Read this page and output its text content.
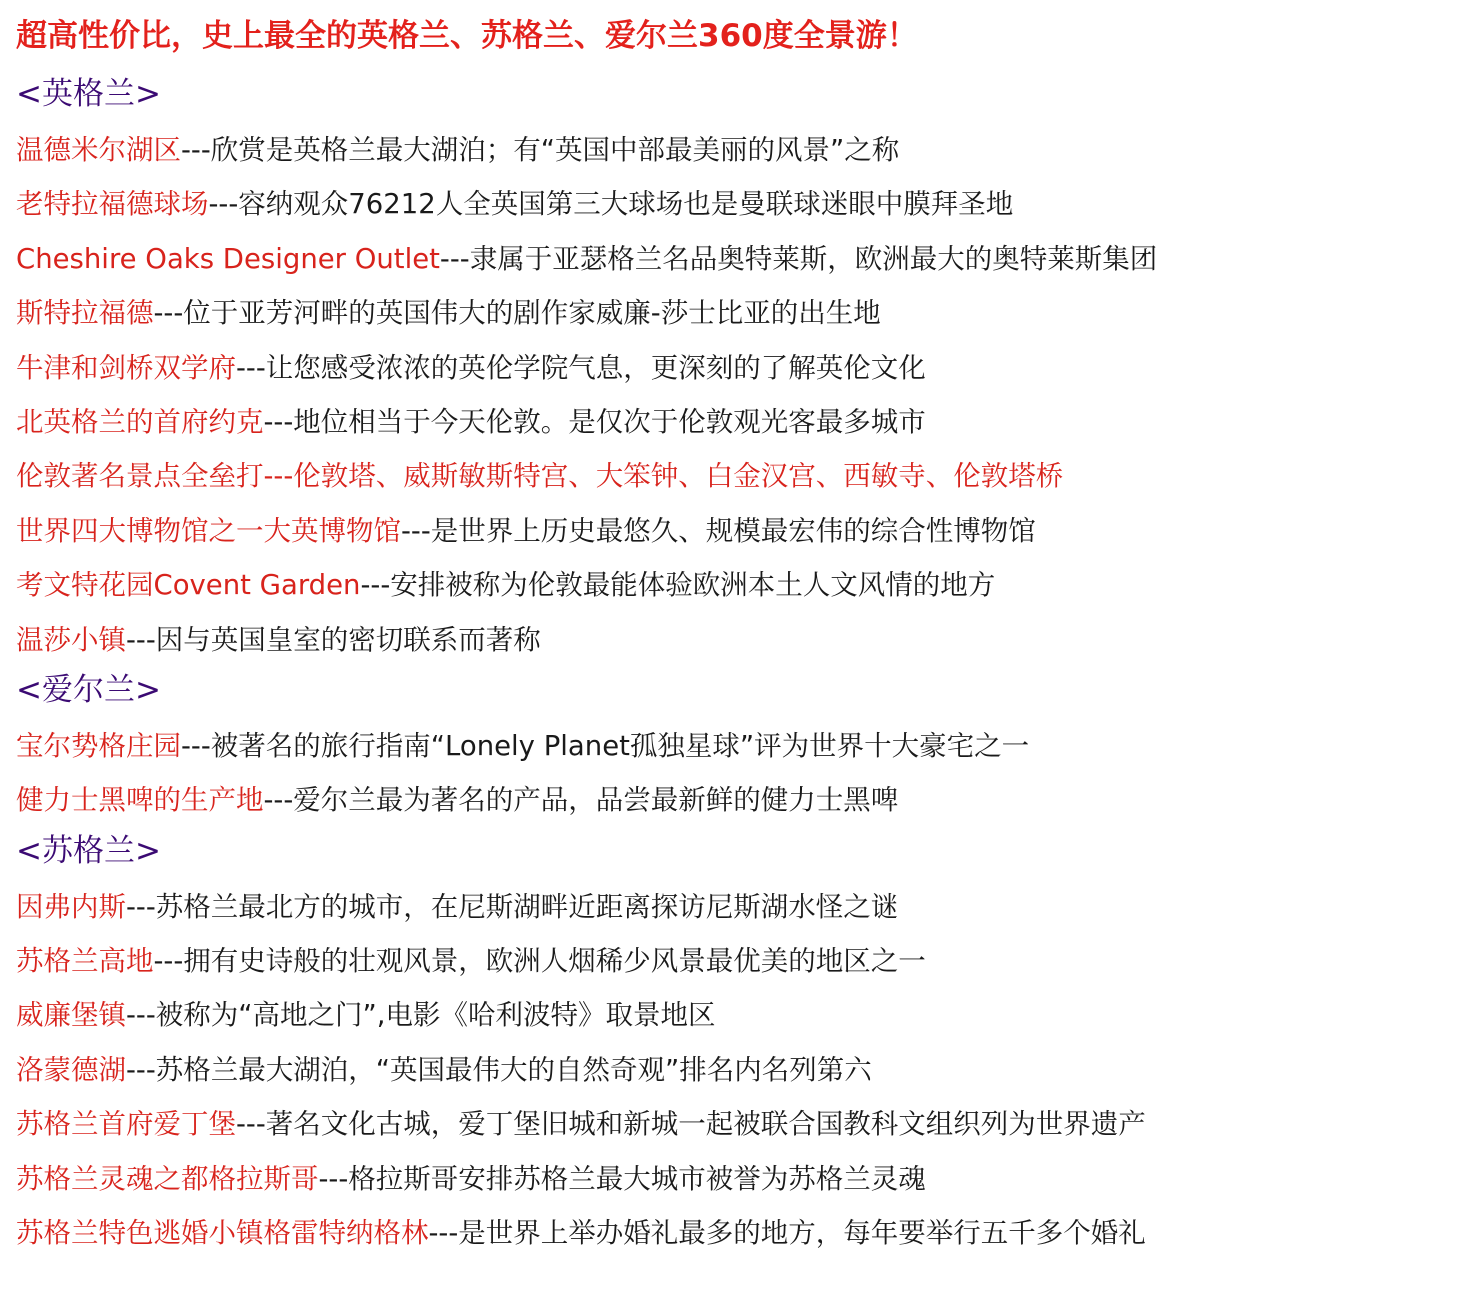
超高性价比，史上最全的英格兰、苏格兰、爱尔兰360度全景游！
<英格兰>
温德米尔湖区---欣赏是英格兰最大湖泊；有“英国中部最美丽的风景”之称
老特拉福德球场---容纳观众76212人全英国第三大球场也是曼联球迷眼中膜拜圣地
Cheshire Oaks Designer Outlet---隶属于亚瑟格兰名品奥特莱斯，欧洲最大的奥特莱斯集团
斯特拉福德---位于亚芳河畔的英国伟大的剧作家威廉-莎士比亚的出生地
牛津和剑桥双学府---让您感受浓浓的英伦学院气息，更深刻的了解英伦文化
北英格兰的首府约克---地位相当于今天伦敦。是仅次于伦敦观光客最多城市
伦敦著名景点全垒打---伦敦塔、威斯敏斯特宫、大笨钟、白金汉宫、西敏寺、伦敦塔桥
世界四大博物馆之一大英博物馆---是世界上历史最悠久、规模最宏伟的综合性博物馆
考文特花园Covent Garden---安排被称为伦敦最能体验欧洲本土人文风情的地方
温莎小镇---因与英国皇室的密切联系而著称
<爱尔兰>
宝尔势格庄园---被著名的旅行指南“Lonely Planet孤独星球”评为世界十大豪宅之一
健力士黑啤的生产地---爱尔兰最为著名的产品，品尝最新鲜的健力士黑啤
<苏格兰>
因弗内斯---苏格兰最北方的城市，在尼斯湖畔近距离探访尼斯湖水怪之谜
苏格兰高地---拥有史诗般的壮观风景，欧洲人烟稀少风景最优美的地区之一
威廉堡镇---被称为“高地之门”,电影《哈利波特》取景地区
洛蒙德湖---苏格兰最大湖泊，“英国最伟大的自然奇观”排名内名列第六
苏格兰首府爱丁堡---著名文化古城，爱丁堡旧城和新城一起被联合国教科文组织列为世界遗产
苏格兰灵魂之都格拉斯哥---格拉斯哥安排苏格兰最大城市被誉为苏格兰灵魂
苏格兰特色逃婚小镇格雷特纳格林---是世界上举办婚礼最多的地方，每年要举行五千多个婚礼
